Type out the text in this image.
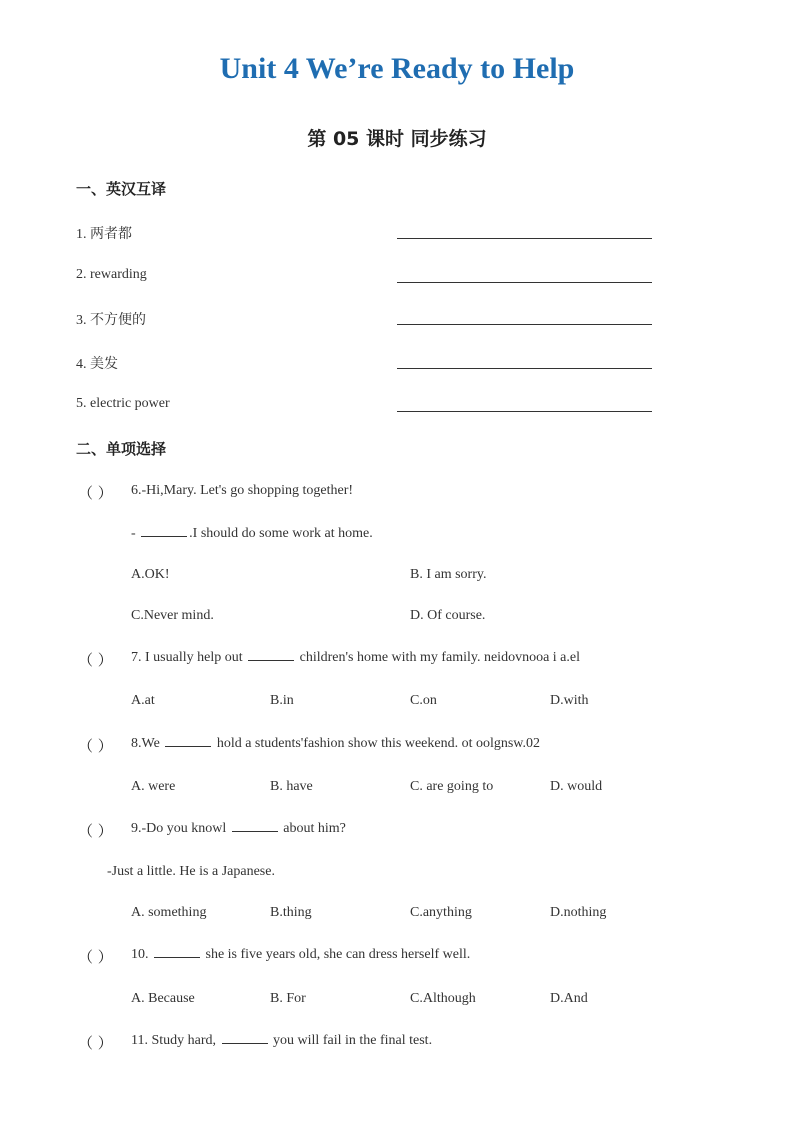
Unit 4 We’re Ready to Help
第 05 课时 同步练习
一、英汉互译
1. 两者都
2. rewarding
3. 不方便的
4. 美发
5. electric power
二、单项选择
（ ） 6.-Hi,Mary. Let's go shopping together!
-	.I should do some work at home.
A.OK!	B. I am sorry.
C.Never mind.	D. Of course.
（ ） 7. I usually help out	children's home with my family. neidovnooa i a.el
A.at	B.in	C.on	D.with
（ ） 8.We	hold a students'fashion show this weekend. ot oolgnsw.02
A. were	B. have	C. are going to	D. would
（ ） 9.-Do you knowl	about him?
-Just a little. He is a Japanese.
A. something	B.thing	C.anything	D.nothing
（ ） 10.	she is five years old, she can dress herself well.
A. Because	B. For	C.Although	D.And
（ ） 11. Study hard,	you will fail in the final test.
